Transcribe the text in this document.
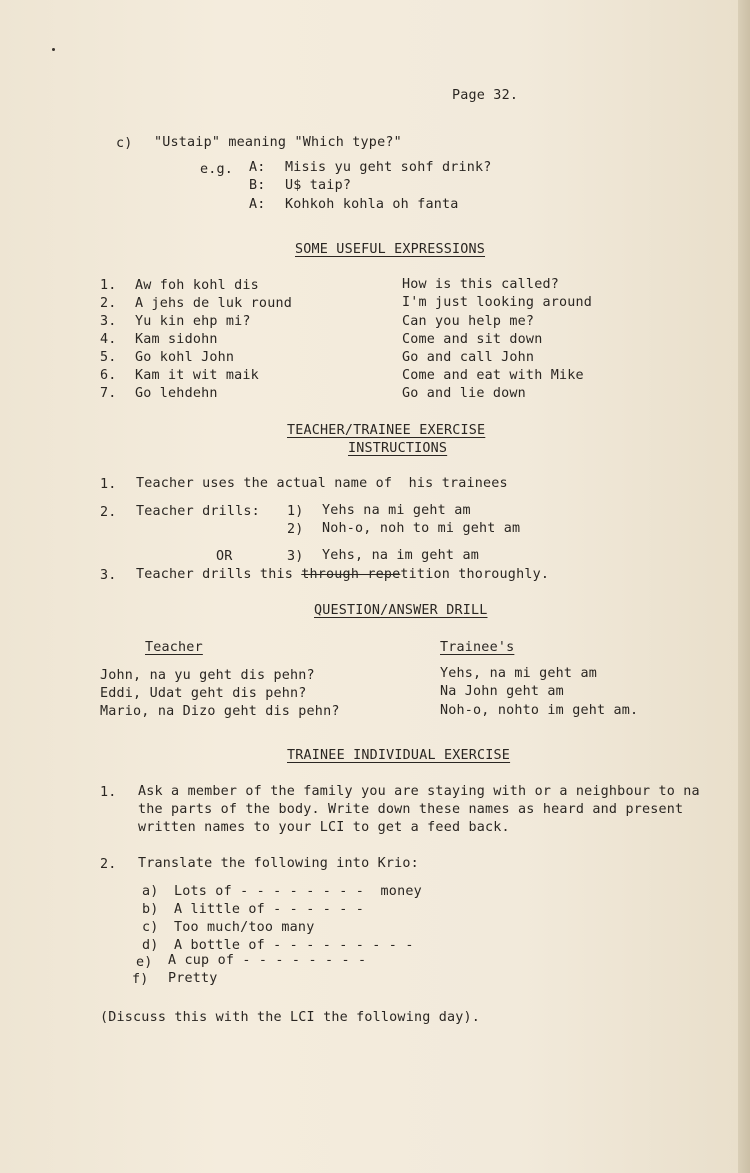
Page 32.
c) "Ustaip" meaning "Which type?"
e.g. A: Misis yu geht sohf drink?
B: U$ taip?
A: Kohkoh kohla oh fanta
SOME USEFUL EXPRESSIONS
1. Aw foh kohl dis	How is this called?
2. A jehs de luk round	I'm just looking around
3. Yu kin ehp mi?	Can you help me?
4. Kam sidohn	Come and sit down
5. Go kohl John	Go and call John
6. Kam it wit maik	Come and eat with Mike
7. Go lehdehn	Go and lie down
TEACHER/TRAINEE EXERCISE
INSTRUCTIONS
1. Teacher uses the actual name of  his trainees
2. Teacher drills: 1) Yehs na mi geht am
2) Noh-o, noh to mi geht am
OR	3) Yehs, na im geht am
3. Teacher drills this through repetition thoroughly.
QUESTION/ANSWER DRILL
Teacher	Trainee's
John, na yu geht dis pehn?	Yehs, na mi geht am
Eddi, Udat geht dis pehn?	Na John geht am
Mario, na Dizo geht dis pehn?	Noh-o, nohto im geht am.
TRAINEE INDIVIDUAL EXERCISE
1. Ask a member of the family you are staying with or a neighbour to na
the parts of the body. Write down these names as heard and present
written names to your LCI to get a feed back.
2. Translate the following into Krio:
a) Lots of - - - - - - - -  money
b) A little of - - - - - -
c) Too much/too many
d) A bottle of - - - - - - - - -
e) A cup of - - - - - - - -
f) Pretty
(Discuss this with the LCI the following day).
